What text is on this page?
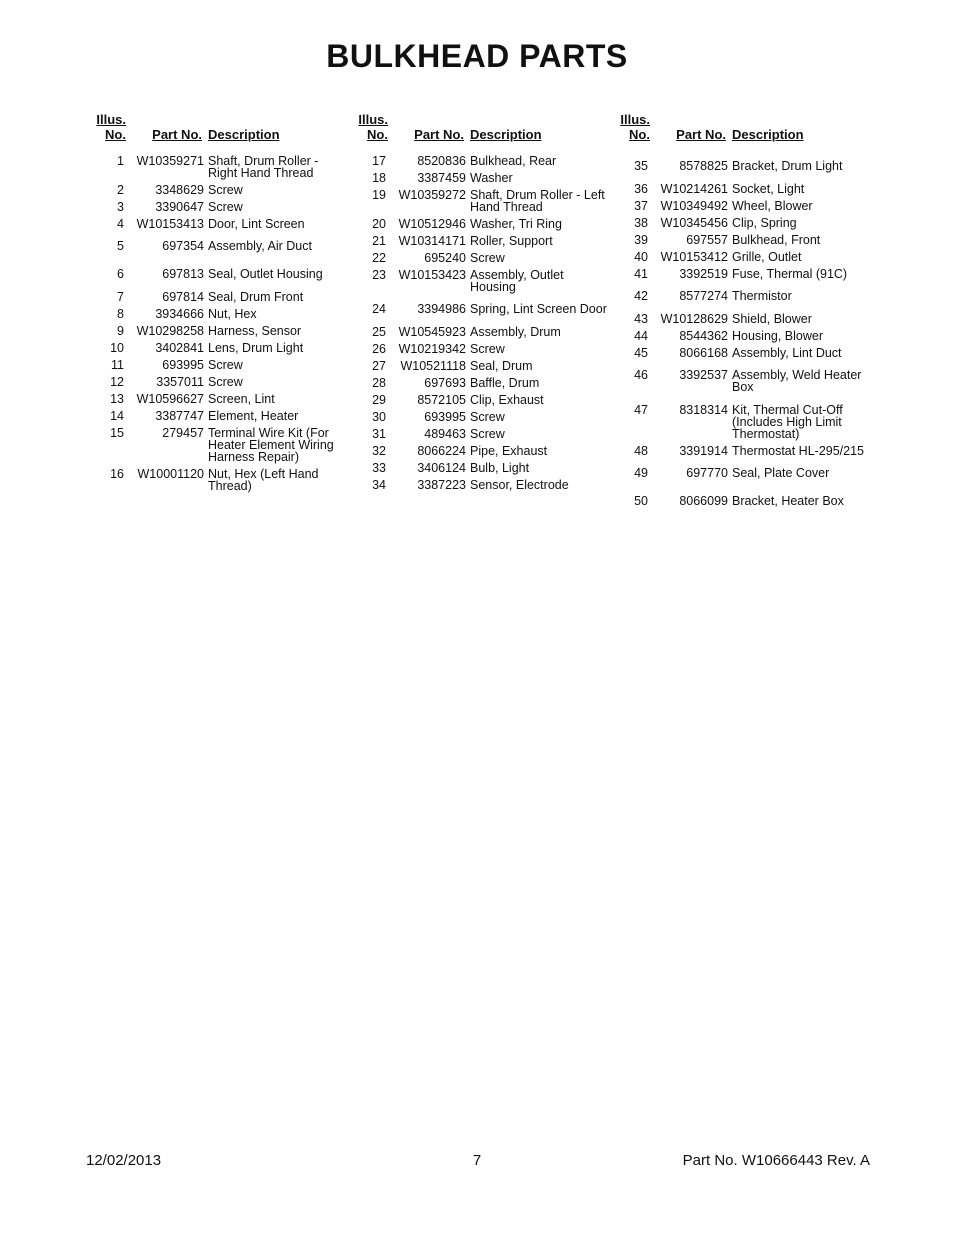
BULKHEAD PARTS
Illus.
No.	Part No. Description
1	W10359271 Shaft, Drum Roller - Right Hand Thread
2	3348629 Screw
3	3390647 Screw
4	W10153413 Door, Lint Screen
5	697354 Assembly, Air Duct
6	697813 Seal, Outlet Housing
7	697814 Seal, Drum Front
8	3934666 Nut, Hex
9	W10298258 Harness, Sensor
10	3402841 Lens, Drum Light
11	693995 Screw
12	3357011 Screw
13	W10596627 Screen, Lint
14	3387747 Element, Heater
15	279457 Terminal Wire Kit (For Heater Element Wiring Harness Repair)
16	W10001120 Nut, Hex (Left Hand Thread)
Illus.
No.	Part No. Description
17	8520836 Bulkhead, Rear
18	3387459 Washer
19	W10359272 Shaft, Drum Roller - Left Hand Thread
20	W10512946 Washer, Tri Ring
21	W10314171 Roller, Support
22	695240 Screw
23	W10153423 Assembly, Outlet Housing
24	3394986 Spring, Lint Screen Door
25	W10545923 Assembly, Drum
26	W10219342 Screw
27	W10521118 Seal, Drum
28	697693 Baffle, Drum
29	8572105 Clip, Exhaust
30	693995 Screw
31	489463 Screw
32	8066224 Pipe, Exhaust
33	3406124 Bulb, Light
34	3387223 Sensor, Electrode
Illus.
No.	Part No. Description
35	8578825 Bracket, Drum Light
36	W10214261 Socket, Light
37	W10349492 Wheel, Blower
38	W10345456 Clip, Spring
39	697557 Bulkhead, Front
40	W10153412 Grille, Outlet
41	3392519 Fuse, Thermal (91C)
42	8577274 Thermistor
43	W10128629 Shield, Blower
44	8544362 Housing, Blower
45	8066168 Assembly, Lint Duct
46	3392537 Assembly, Weld Heater Box
47	8318314 Kit, Thermal Cut-Off (Includes High Limit Thermostat)
48	3391914 Thermostat HL-295/215
49	697770 Seal, Plate Cover
50	8066099 Bracket, Heater Box
12/02/2013	7	Part No. W10666443 Rev. A
